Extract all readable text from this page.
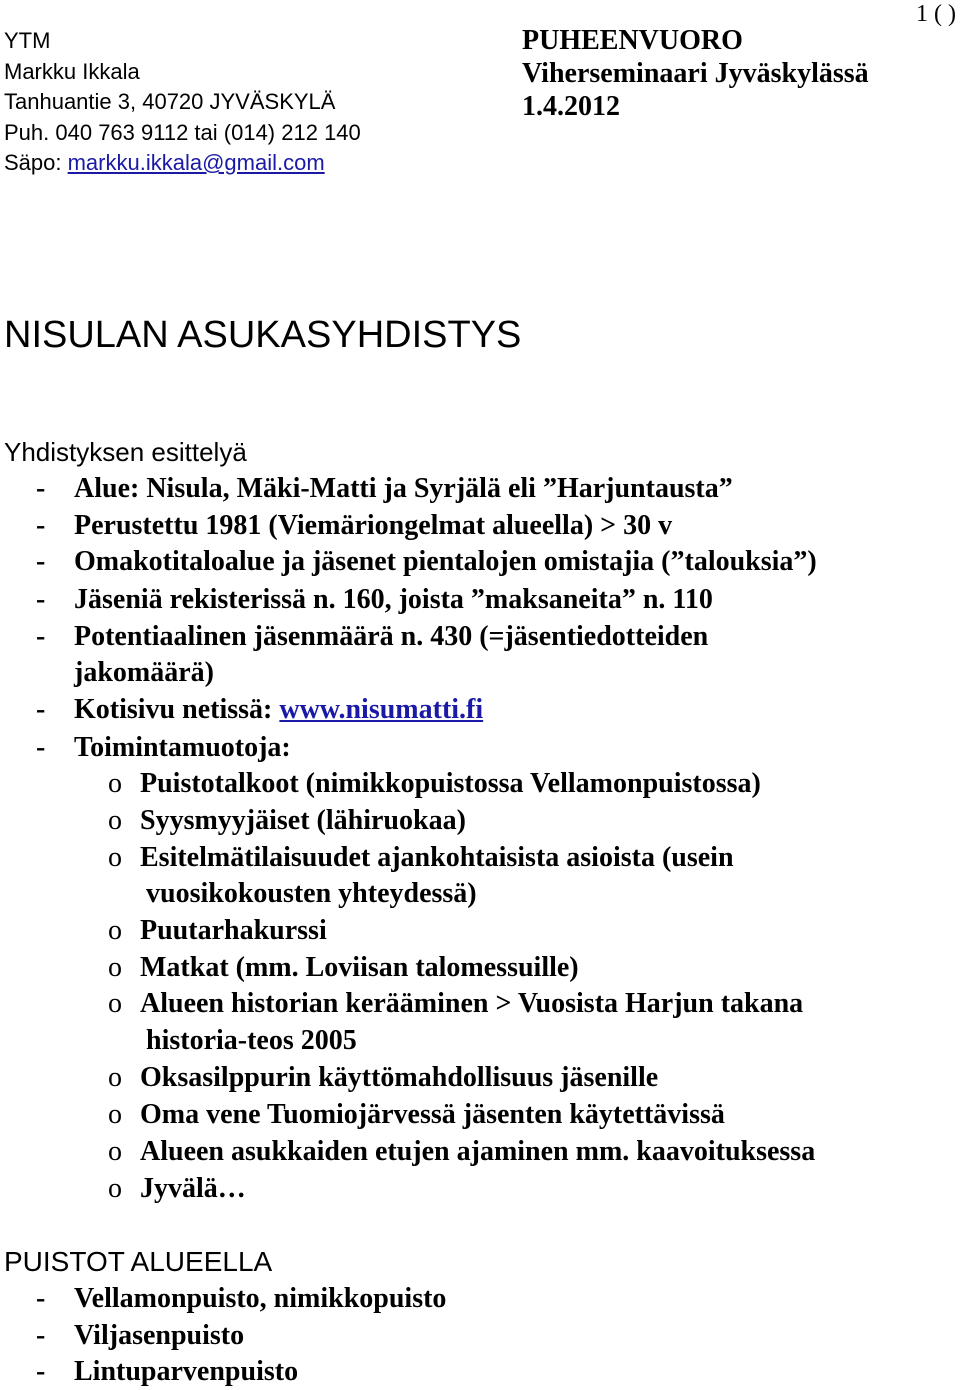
1 ( )
YTM
Markku Ikkala
Tanhuantie 3, 40720 JYVÄSKYLÄ
Puh. 040 763 9112 tai (014) 212 140
Säpo: markku.ikkala@gmail.com
PUHEENVUORO
Viherseminaari Jyväskylässä
1.4.2012
NISULAN ASUKASYHDISTYS
Yhdistyksen esittelyä
- Alue: Nisula, Mäki-Matti ja Syrjälä eli ”Harjuntausta”
- Perustettu 1981 (Viemäriongelmat alueella) > 30 v
- Omakotitaloalue ja jäsenet pientalojen omistajia (”talouksia”)
- Jäseniä rekisterissä n. 160, joista ”maksaneita” n. 110
- Potentiaalinen jäsenmäärä n. 430 (=jäsentiedotteiden
jakomäärä)
- Kotisivu netissä: www.nisumatti.fi
- Toimintamuotoja:
o Puistotalkoot (nimikkopuistossa Vellamonpuistossa)
o Syysmyyjäiset (lähiruokaa)
o Esitelmätilaisuudet ajankohtaisista asioista (usein
vuosikokousten yhteydessä)
o Puutarhakurssi
o Matkat (mm. Loviisan talomessuille)
o Alueen historian kerääminen > Vuosista Harjun takana
historia-teos 2005
o Oksasilppurin käyttömahdollisuus jäsenille
o Oma vene Tuomiojärvessä jäsenten käytettävissä
o Alueen asukkaiden etujen ajaminen mm. kaavoituksessa
o Jyvälä…
PUISTOT ALUEELLA
- Vellamonpuisto, nimikkopuisto
- Viljasenpuisto
- Lintuparvenpuisto
